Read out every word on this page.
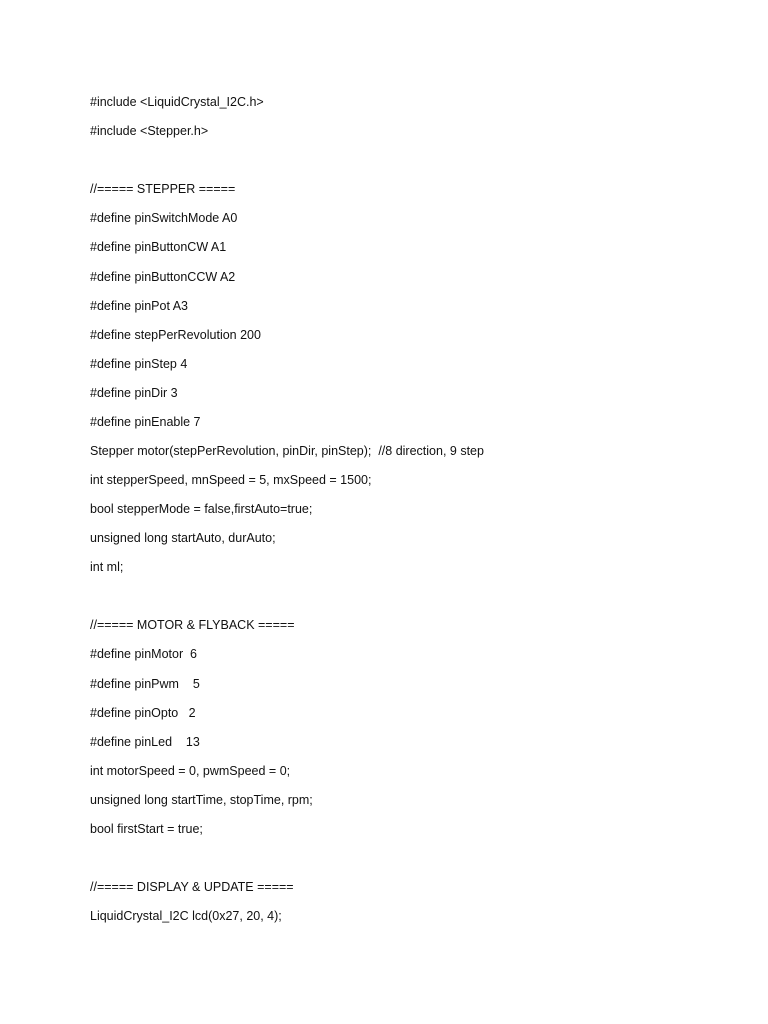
#include <LiquidCrystal_I2C.h>
#include <Stepper.h>
//===== STEPPER =====
#define pinSwitchMode A0
#define pinButtonCW A1
#define pinButtonCCW A2
#define pinPot A3
#define stepPerRevolution 200
#define pinStep 4
#define pinDir 3
#define pinEnable 7
Stepper motor(stepPerRevolution, pinDir, pinStep);  //8 direction, 9 step
int stepperSpeed, mnSpeed = 5, mxSpeed = 1500;
bool stepperMode = false,firstAuto=true;
unsigned long startAuto, durAuto;
int ml;
//===== MOTOR & FLYBACK =====
#define pinMotor  6
#define pinPwm    5
#define pinOpto   2
#define pinLed    13
int motorSpeed = 0, pwmSpeed = 0;
unsigned long startTime, stopTime, rpm;
bool firstStart = true;
//===== DISPLAY & UPDATE =====
LiquidCrystal_I2C lcd(0x27, 20, 4);
